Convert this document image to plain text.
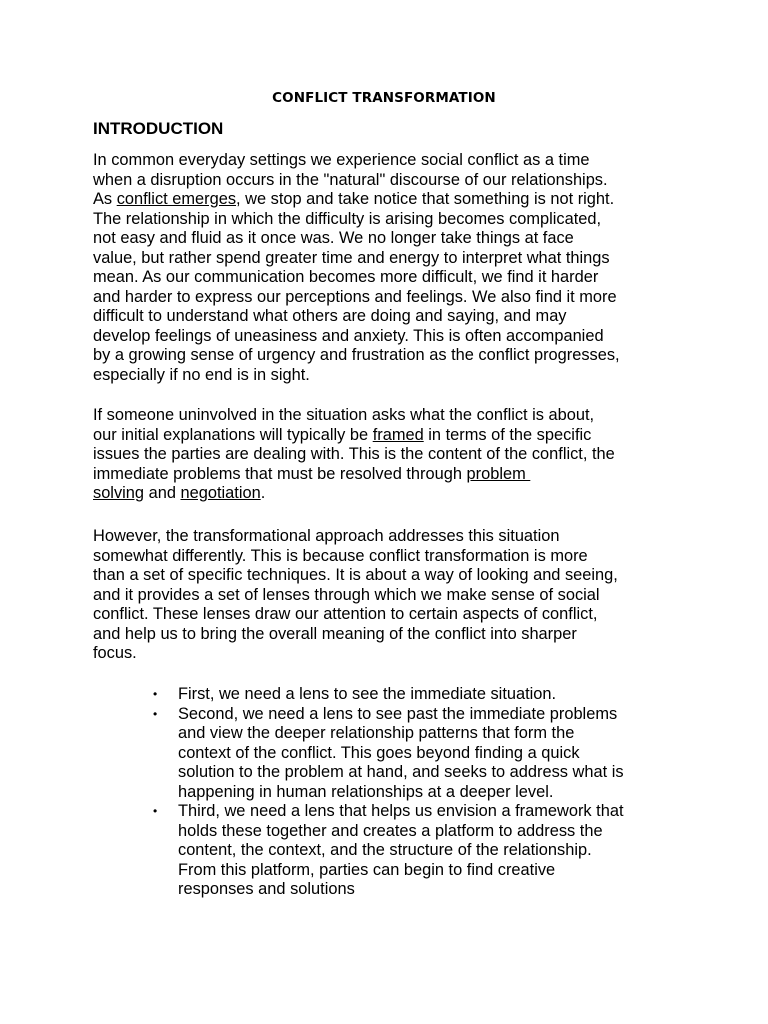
CONFLICT TRANSFORMATION
INTRODUCTION

In common everyday settings we experience social conflict as a time
when a disruption occurs in the "natural" discourse of our relationships.
As conflict emerges, we stop and take notice that something is not right.
The relationship in which the difficulty is arising becomes complicated,
not easy and fluid as it once was. We no longer take things at face
value, but rather spend greater time and energy to interpret what things
mean. As our communication becomes more difficult, we find it harder
and harder to express our perceptions and feelings. We also find it more
difficult to understand what others are doing and saying, and may
develop feelings of uneasiness and anxiety. This is often accompanied
by a growing sense of urgency and frustration as the conflict progresses,
especially if no end is in sight.

If someone uninvolved in the situation asks what the conflict is about,
our initial explanations will typically be framed in terms of the specific
issues the parties are dealing with. This is the content of the conflict, the
immediate problems that must be resolved through problem
solving and negotiation.

However, the transformational approach addresses this situation
somewhat differently. This is because conflict transformation is more
than a set of specific techniques. It is about a way of looking and seeing,
and it provides a set of lenses through which we make sense of social
conflict. These lenses draw our attention to certain aspects of conflict,
and help us to bring the overall meaning of the conflict into sharper
focus.

• First, we need a lens to see the immediate situation.
• Second, we need a lens to see past the immediate problems
and view the deeper relationship patterns that form the
context of the conflict. This goes beyond finding a quick
solution to the problem at hand, and seeks to address what is
happening in human relationships at a deeper level.
• Third, we need a lens that helps us envision a framework that
holds these together and creates a platform to address the
content, the context, and the structure of the relationship.
From this platform, parties can begin to find creative
responses and solutions
